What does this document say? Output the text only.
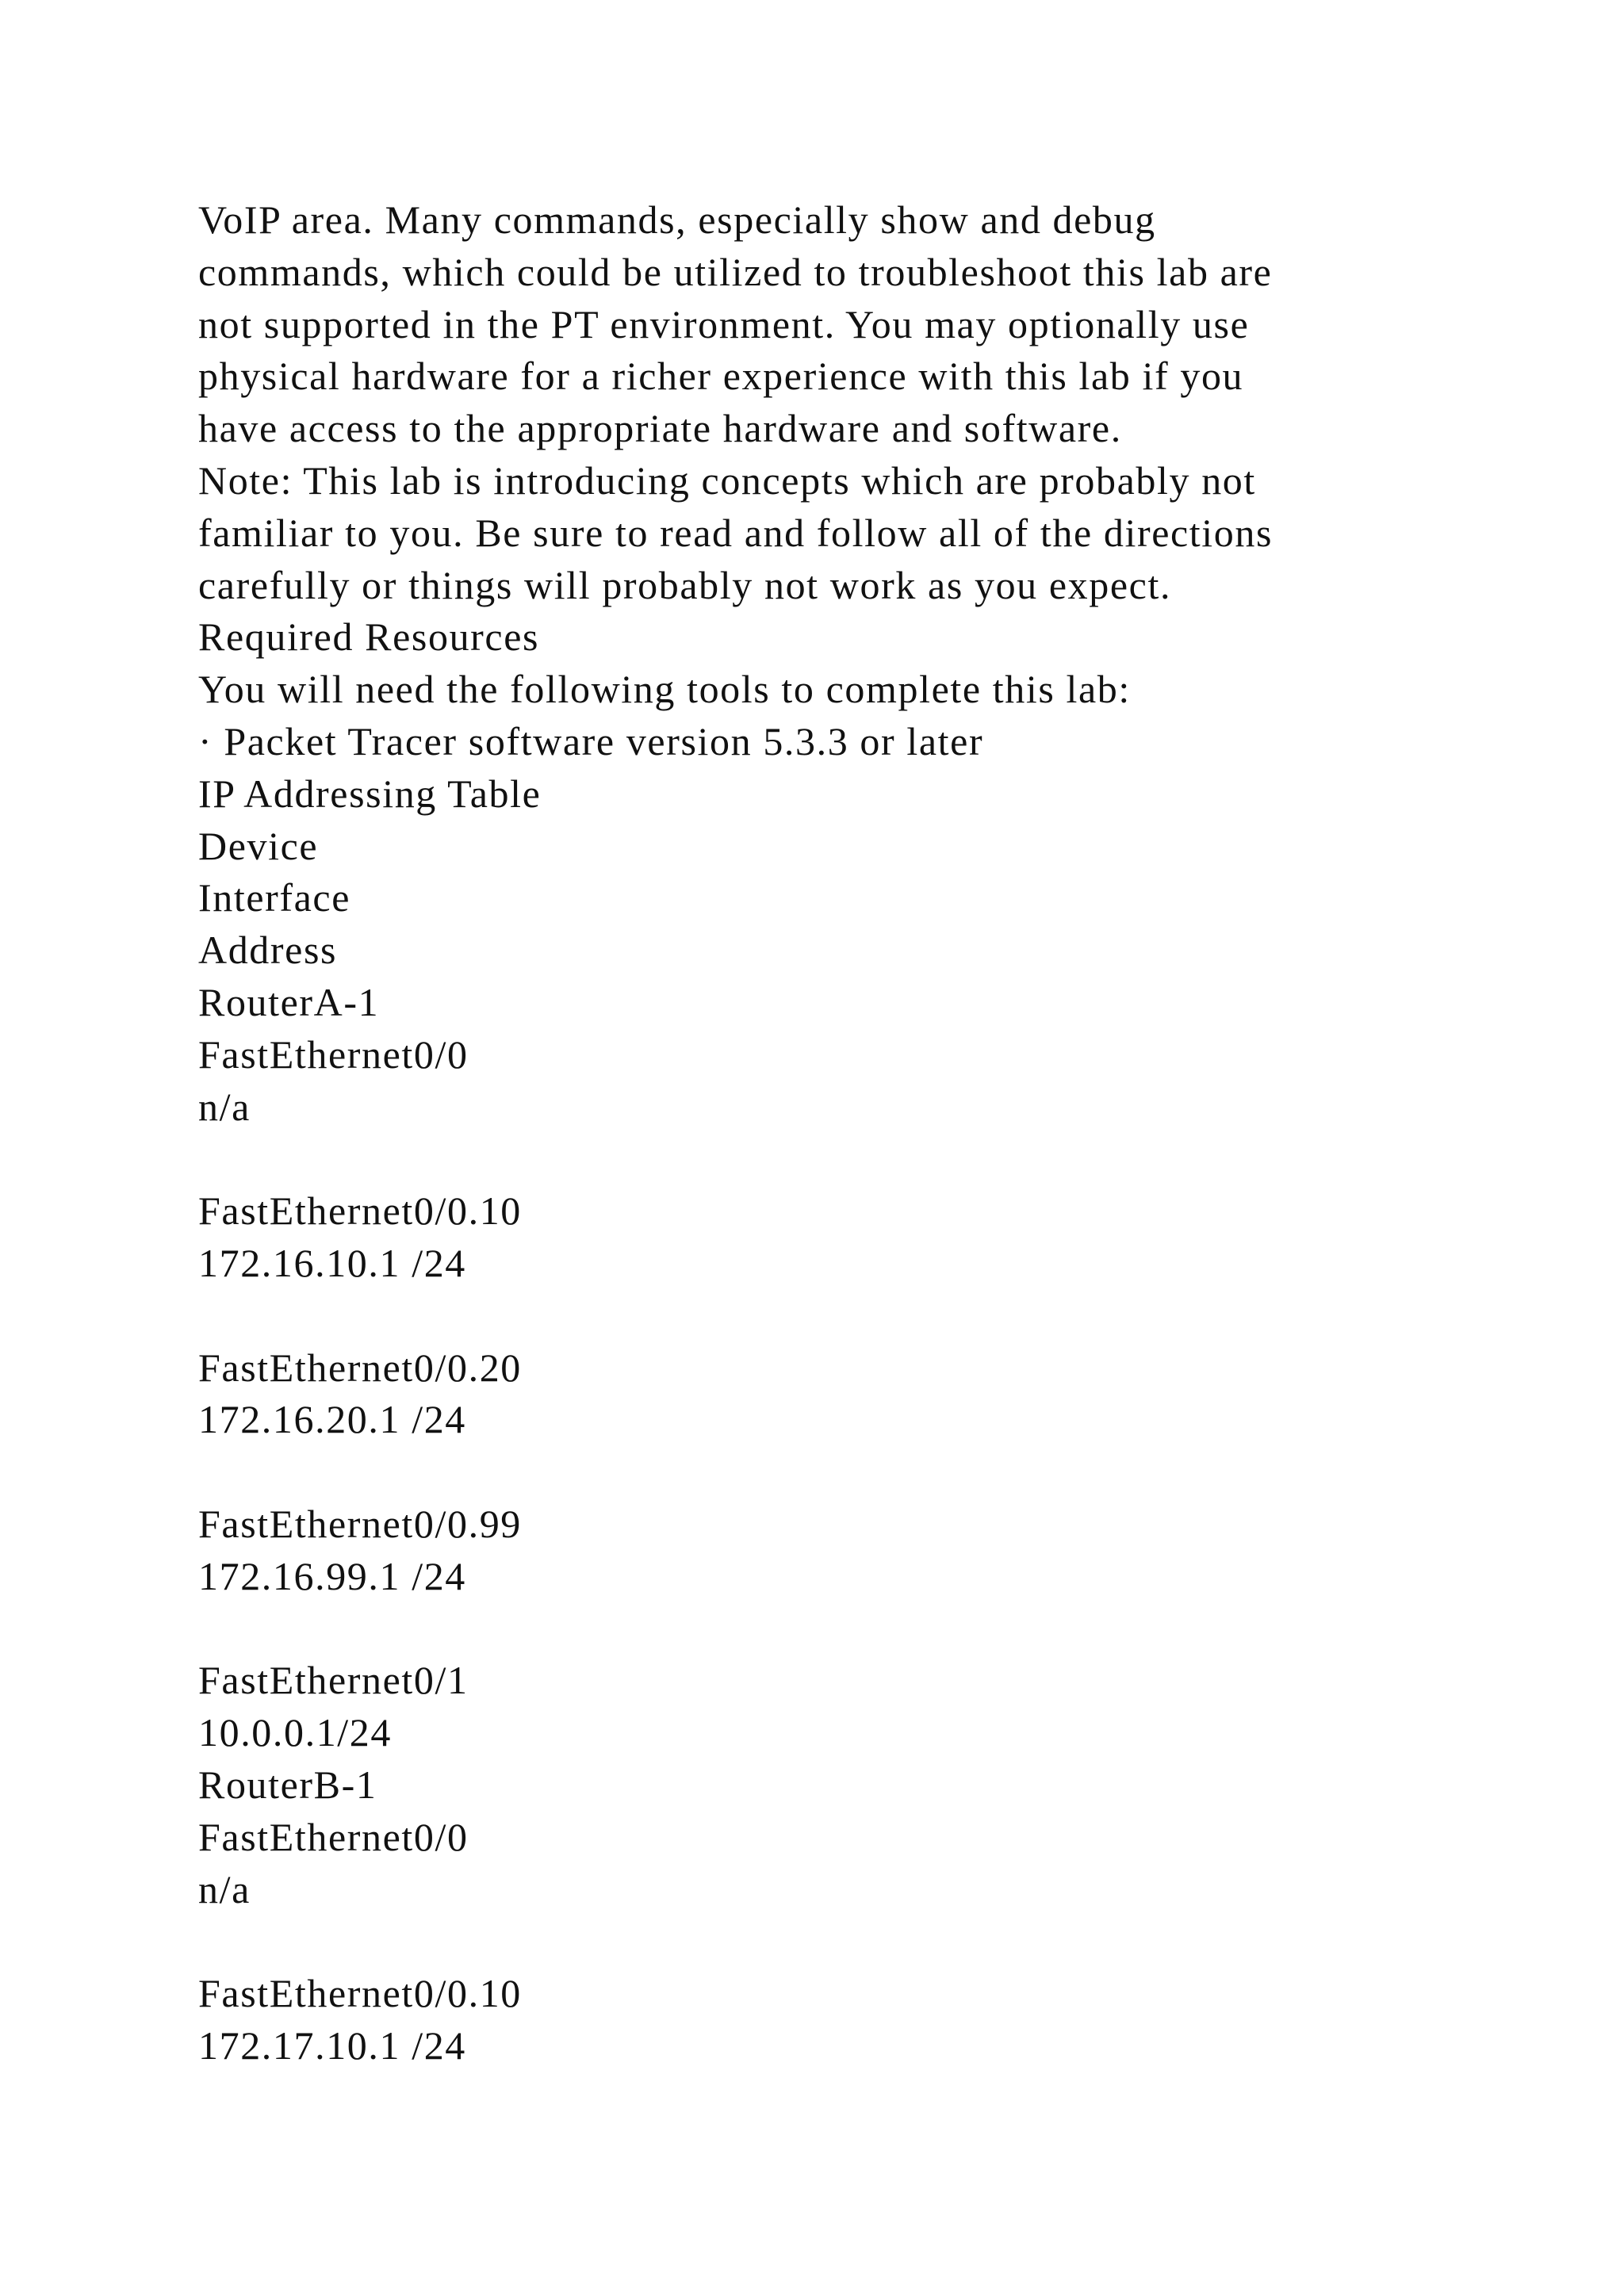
VoIP area. Many commands, especially show and debug
commands, which could be utilized to troubleshoot this lab are
not supported in the PT environment. You may optionally use
physical hardware for a richer experience with this lab if you
have access to the appropriate hardware and software.
Note: This lab is introducing concepts which are probably not
familiar to you. Be sure to read and follow all of the directions
carefully or things will probably not work as you expect.
Required Resources
You will need the following tools to complete this lab:
· Packet Tracer software version 5.3.3 or later
IP Addressing Table
Device
Interface
Address
RouterA-1
FastEthernet0/0
n/a
FastEthernet0/0.10
172.16.10.1 /24
FastEthernet0/0.20
172.16.20.1 /24
FastEthernet0/0.99
172.16.99.1 /24
FastEthernet0/1
10.0.0.1/24
RouterB-1
FastEthernet0/0
n/a
FastEthernet0/0.10
172.17.10.1 /24
